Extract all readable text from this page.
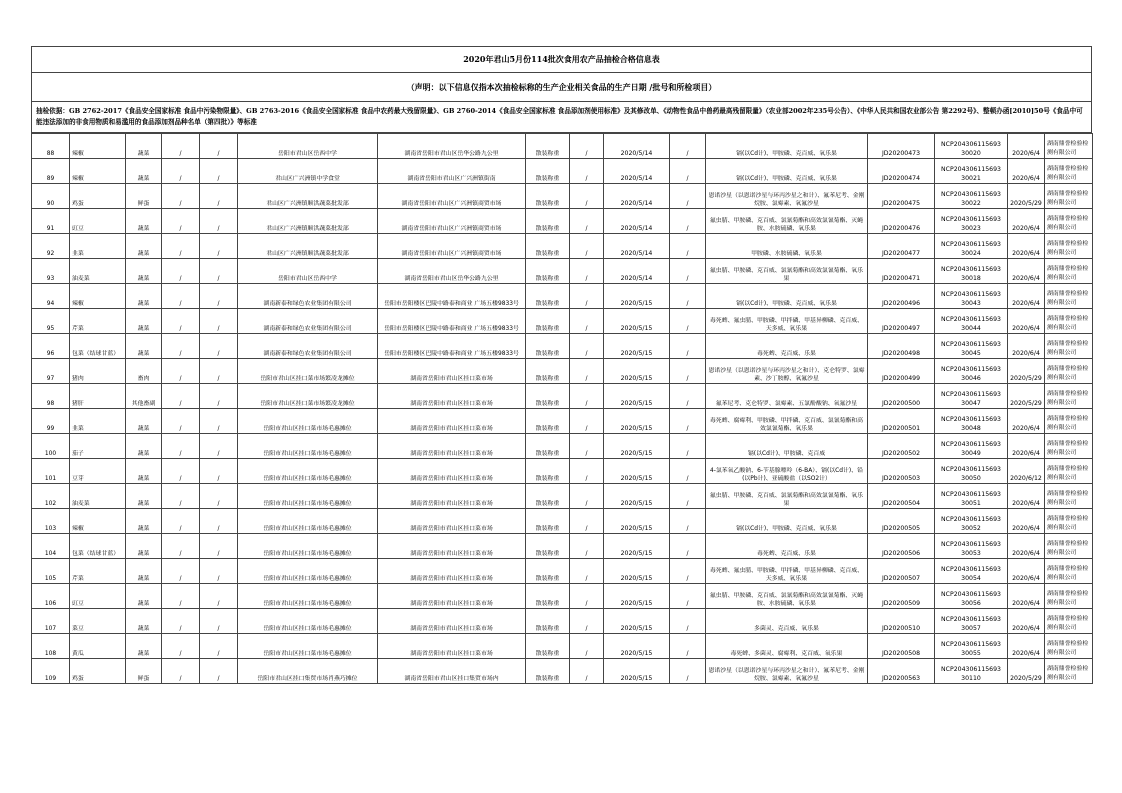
2020年君山5月份114批次食用农产品抽检合格信息表
（声明：以下信息仅指本次抽检标称的生产企业相关食品的生产日期 /批号和所检项目）
抽检依据：GB 2762-2017《食品安全国家标准 食品中污染物限量》、GB 2763-2016《食品安全国家标准 食品中农药最大残留限量》、GB 2760-2014《食品安全国家标准 食品添加剂使用标准》及其修改单、《动物性食品中兽药最高残留限量》（农业部2002年235号公告）、《中华人民共和国农业部公告 第2292号》、整顿办函[2010]50号《食品中可能违法添加的非食用物质和易滥用的食品添加剂品种名单（第四批）》等标准
88	辣椒	蔬菜	/	/	岳阳市君山区岳西中学	湖南省岳阳市君山区岳华公路九公里	散装称重	/	2020/5/14	/	镉(以Cd计)、甲胺磷、克百威、氧乐果	JD20200473	NCP204306115693 30020	2020/6/4	湖南鼎誉检验检测有限公司
89	辣椒	蔬菜	/	/	君山区广兴洲镇中学食堂	湖南省岳阳市君山区广兴洲镇街南	散装称重	/	2020/5/14	/	镉(以Cd计)、甲胺磷、克百威、氧乐果	JD20200474	NCP204306115693 30021	2020/6/4	湖南鼎誉检验检测有限公司
90	鸡蛋	鲜蛋	/	/	君山区广兴洲镇顺洪蔬菜批发部	湖南省岳阳市君山区广兴洲镇商贸市场	散装称重	/	2020/5/14	/	恩诺沙星（以恩诺沙星与环丙沙星之和计）、氟苯尼考、金刚烷胺、氯霉素、氧氟沙星	JD20200475	NCP204306115693 30022	2020/5/29	湖南鼎誉检验检测有限公司
91	豇豆	蔬菜	/	/	君山区广兴洲镇顺洪蔬菜批发部	湖南省岳阳市君山区广兴洲镇商贸市场	散装称重	/	2020/5/14	/	氟虫腈、甲胺磷、克百威、氯氰菊酯和高效氯氰菊酯、灭蝇胺、水胺硫磷、氧乐果	JD20200476	NCP204306115693 30023	2020/6/4	湖南鼎誉检验检测有限公司
92	韭菜	蔬菜	/	/	君山区广兴洲镇顺洪蔬菜批发部	湖南省岳阳市君山区广兴洲镇商贸市场	散装称重	/	2020/5/14	/	甲胺磷、水胺硫磷、氧乐果	JD20200477	NCP204306115693 30024	2020/6/4	湖南鼎誉检验检测有限公司
93	油麦菜	蔬菜	/	/	岳阳市君山区岳西中学	湖南省岳阳市君山区岳华公路九公里	散装称重	/	2020/5/14	/	氟虫腈、甲胺磷、克百威、氯氰菊酯和高效氯氰菊酯、氧乐果	JD20200471	NCP204306115693 30018	2020/6/4	湖南鼎誉检验检测有限公司
94	辣椒	蔬菜	/	/	湖南新泰和绿色农业集团有限公司	岳阳市岳阳楼区巴陵中路泰和商业 广场五楼9833号	散装称重	/	2020/5/15	/	镉(以Cd计)、甲胺磷、克百威、氧乐果	JD20200496	NCP204306115693 30043	2020/6/4	湖南鼎誉检验检测有限公司
95	芹菜	蔬菜	/	/	湖南新泰和绿色农业集团有限公司	岳阳市岳阳楼区巴陵中路泰和商业 广场五楼9833号	散装称重	/	2020/5/15	/	毒死蜱、氟虫腈、甲胺磷、甲拌磷、甲基异柳磷、克百威、天多威、氧乐果	JD20200497	NCP204306115693 30044	2020/6/4	湖南鼎誉检验检测有限公司
96	包菜（结球甘蓝）	蔬菜	/	/	湖南新泰和绿色农业集团有限公司	岳阳市岳阳楼区巴陵中路泰和商业 广场五楼9833号	散装称重	/	2020/5/15	/	毒死蜱、克百威、乐果	JD20200498	NCP204306115693 30045	2020/6/4	湖南鼎誉检验检测有限公司
97	猪肉	畜肉	/	/	岳阳市君山区挂口菜市场繁凌龙摊位	湖南省岳阳市君山区挂口菜市场	散装称重	/	2020/5/15	/	恩诺沙星（以恩诺沙星与环丙沙星之和计）、克仑特罗、氯霉素、沙丁胺醇、氧氟沙星	JD20200499	NCP204306115693 30046	2020/5/29	湖南鼎誉检验检测有限公司
98	猪肝	其他畜副	/	/	岳阳市君山区挂口菜市场繁凌龙摊位	湖南省岳阳市君山区挂口菜市场	散装称重	/	2020/5/15	/	氟苯尼考、克仑特罗、氯霉素、五氯酚酸钠、氧氟沙星	JD20200500	NCP204306115693 30047	2020/5/29	湖南鼎誉检验检测有限公司
99	韭菜	蔬菜	/	/	岳阳市君山区挂口菜市场毛惠摊位	湖南省岳阳市君山区挂口菜市场	散装称重	/	2020/5/15	/	毒死蜱、腐霉利、甲胺磷、甲拌磷、克百威、氯氰菊酯和高效氯氰菊酯、氧乐果	JD20200501	NCP204306115693 30048	2020/6/4	湖南鼎誉检验检测有限公司
100	茄子	蔬菜	/	/	岳阳市君山区挂口菜市场毛惠摊位	湖南省岳阳市君山区挂口菜市场	散装称重	/	2020/5/15	/	镉(以Cd计)、甲胺磷、克百威	JD20200502	NCP204306115693 30049	2020/6/4	湖南鼎誉检验检测有限公司
101	豆芽	蔬菜	/	/	岳阳市君山区挂口菜市场毛惠摊位	湖南省岳阳市君山区挂口菜市场	散装称重	/	2020/5/15	/	4-氯苯氧乙酸钠、6-苄基腺嘌呤（6-BA）、镉(以Cd计)、铅(以Pb计)、亚硫酸盐（以SO2计）	JD20200503	NCP204306115693 30050	2020/6/12	湖南鼎誉检验检测有限公司
102	油麦菜	蔬菜	/	/	岳阳市君山区挂口菜市场毛惠摊位	湖南省岳阳市君山区挂口菜市场	散装称重	/	2020/5/15	/	氟虫腈、甲胺磷、克百威、氯氰菊酯和高效氯氰菊酯、氧乐果	JD20200504	NCP204306115693 30051	2020/6/4	湖南鼎誉检验检测有限公司
103	辣椒	蔬菜	/	/	岳阳市君山区挂口菜市场毛惠摊位	湖南省岳阳市君山区挂口菜市场	散装称重	/	2020/5/15	/	镉(以Cd计)、甲胺磷、克百威、氧乐果	JD20200505	NCP204306115693 30052	2020/6/4	湖南鼎誉检验检测有限公司
104	包菜（结球甘蓝）	蔬菜	/	/	岳阳市君山区挂口菜市场毛惠摊位	湖南省岳阳市君山区挂口菜市场	散装称重	/	2020/5/15	/	毒死蜱、克百威、乐果	JD20200506	NCP204306115693 30053	2020/6/4	湖南鼎誉检验检测有限公司
105	芹菜	蔬菜	/	/	岳阳市君山区挂口菜市场毛惠摊位	湖南省岳阳市君山区挂口菜市场	散装称重	/	2020/5/15	/	毒死蜱、氟虫腈、甲胺磷、甲拌磷、甲基异柳磷、克百威、天多威、氧乐果	JD20200507	NCP204306115693 30054	2020/6/4	湖南鼎誉检验检测有限公司
106	豇豆	蔬菜	/	/	岳阳市君山区挂口菜市场毛惠摊位	湖南省岳阳市君山区挂口菜市场	散装称重	/	2020/5/15	/	氟虫腈、甲胺磷、克百威、氯氰菊酯和高效氯氰菊酯、灭蝇胺、水胺硫磷、氧乐果	JD20200509	NCP204306115693 30056	2020/6/4	湖南鼎誉检验检测有限公司
107	菜豆	蔬菜	/	/	岳阳市君山区挂口菜市场毛惠摊位	湖南省岳阳市君山区挂口菜市场	散装称重	/	2020/5/15	/	多菌灵、克百威、氧乐果	JD20200510	NCP204306115693 30057	2020/6/4	湖南鼎誉检验检测有限公司
108	黄瓜	蔬菜	/	/	岳阳市君山区挂口菜市场毛惠摊位	湖南省岳阳市君山区挂口菜市场	散装称重	/	2020/5/15	/	毒死蜱、多菌灵、腐霉利、克百威、氧乐果	JD20200508	NCP204306115693 30055	2020/6/4	湖南鼎誉检验检测有限公司
109	鸡蛋	鲜蛋	/	/	岳阳市君山区挂口集贸市场肖燕巧摊位	湖南省岳阳市君山区挂口集贸市场内	散装称重	/	2020/5/15	/	恩诺沙星（以恩诺沙星与环丙沙星之和计）、氟苯尼考、金刚烷胺、氯霉素、氧氟沙星	JD20200563	NCP204306115693 30110	2020/5/29	湖南鼎誉检验检测有限公司
